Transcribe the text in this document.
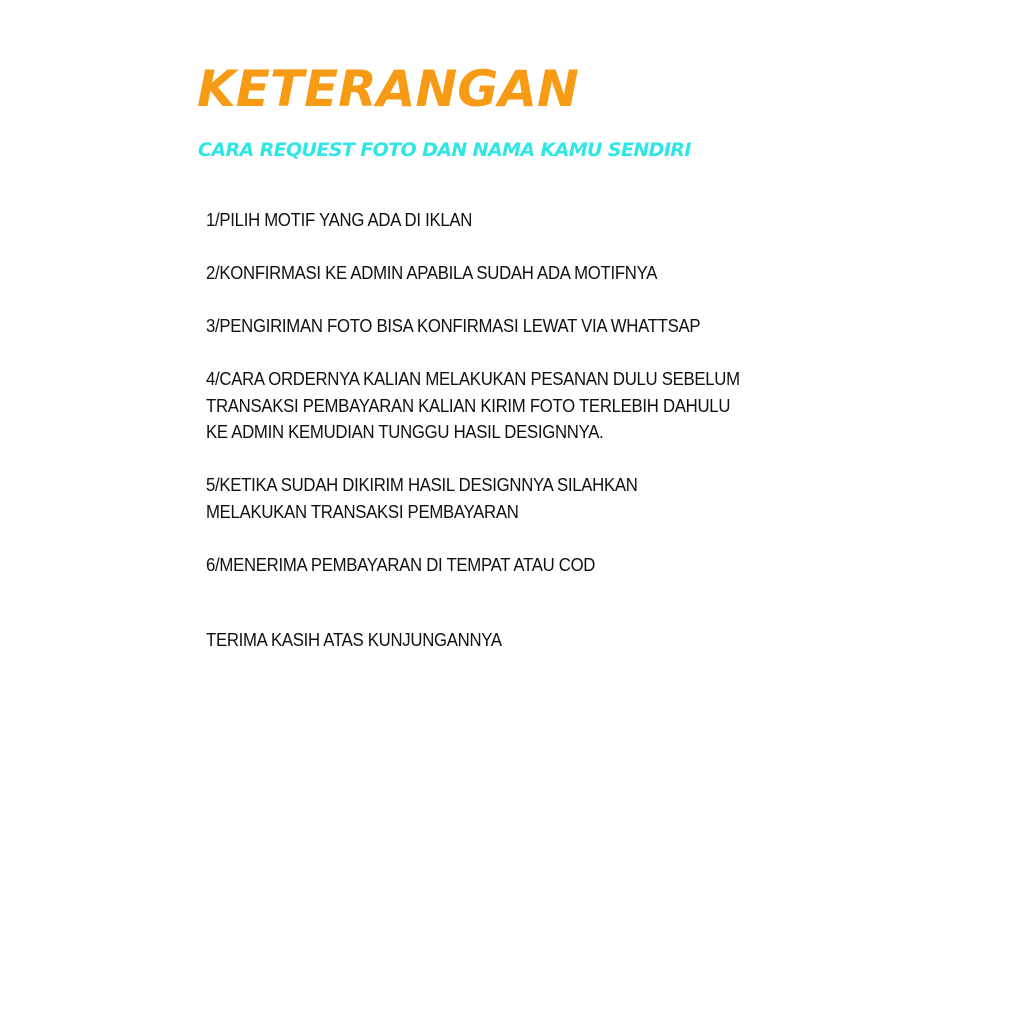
KETERANGAN
CARA REQUEST FOTO DAN NAMA KAMU SENDIRI
1/PILIH MOTIF YANG ADA DI IKLAN
2/KONFIRMASI KE ADMIN APABILA SUDAH ADA MOTIFNYA
3/PENGIRIMAN FOTO BISA KONFIRMASI LEWAT VIA WHATTSAP
4/CARA ORDERNYA KALIAN MELAKUKAN PESANAN DULU SEBELUM
TRANSAKSI PEMBAYARAN KALIAN KIRIM FOTO TERLEBIH DAHULU
KE ADMIN KEMUDIAN TUNGGU HASIL DESIGNNYA.
5/KETIKA SUDAH DIKIRIM HASIL DESIGNNYA SILAHKAN
MELAKUKAN TRANSAKSI PEMBAYARAN
6/MENERIMA PEMBAYARAN DI TEMPAT ATAU COD

TERIMA KASIH ATAS KUNJUNGANNYA
